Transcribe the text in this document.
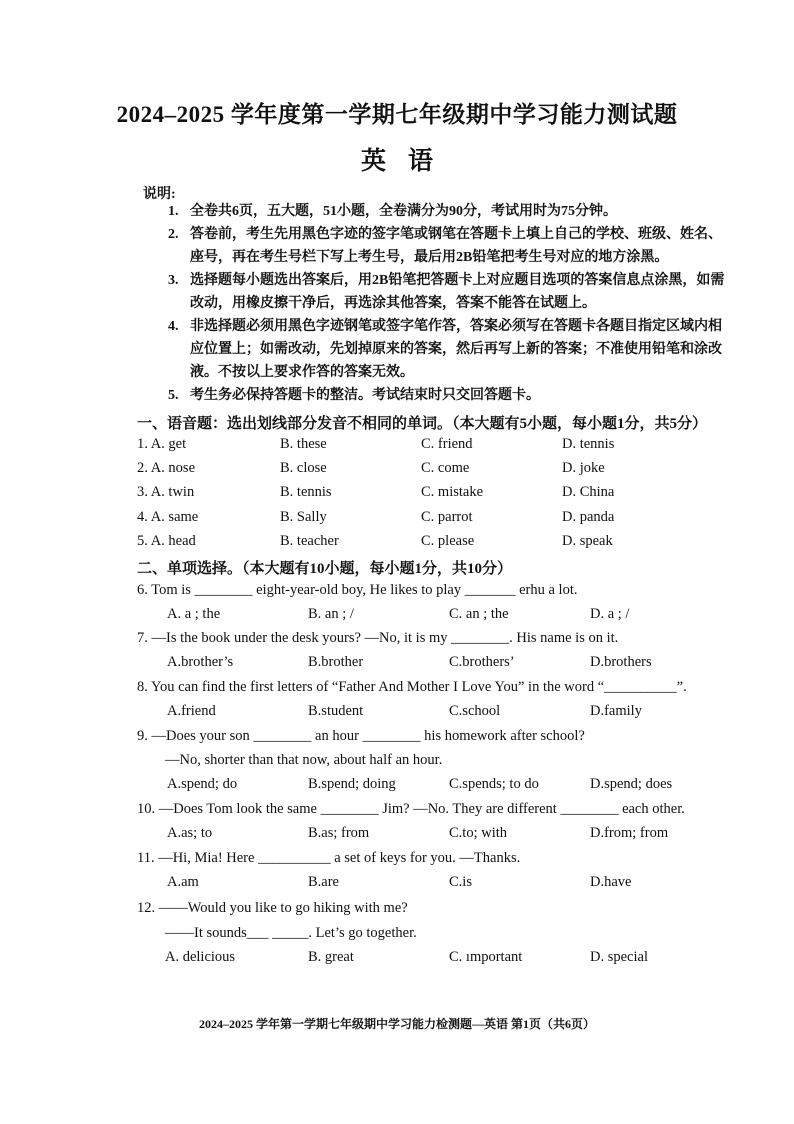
2024–2025 学年度第一学期七年级期中学习能力测试题
英语
说明:
1. 全卷共6页，五大题，51小题，全卷满分为90分，考试用时为75分钟。
2. 答卷前，考生先用黑色字迹的签字笔或钢笔在答题卡上填上自己的学校、班级、姓名、座号，再在考生号栏下写上考生号，最后用2B铅笔把考生号对应的地方涂黑。
3. 选择题每小题选出答案后，用2B铅笔把答题卡上对应题目选项的答案信息点涂黑，如需改动，用橡皮擦干净后，再选涂其他答案，答案不能答在试题上。
4. 非选择题必须用黑色字迹钢笔或签字笔作答，答案必须写在答题卡各题目指定区域内相应位置上；如需改动，先划掉原来的答案，然后再写上新的答案；不准使用铅笔和涂改液。不按以上要求作答的答案无效。
5. 考生务必保持答题卡的整洁。考试结束时只交回答题卡。
一、语音题：选出划线部分发音不相同的单词。（本大题有5小题，每小题1分，共5分）
1. A. get	B. these	C. friend	D. tennis
2. A. nose	B. close	C. come	D. joke
3. A. twin	B. tennis	C. mistake	D. China
4. A. same	B. Sally	C. parrot	D. panda
5. A. head	B. teacher	C. please	D. speak
二、单项选择。（本大题有10小题，每小题1分，共10分）
6. Tom is ________ eight-year-old boy, He likes to play _______ erhu a lot.
A. a ; the	B. an ; /	C. an ; the	D. a ; /
7. —Is the book under the desk yours? —No, it is my ________. His name is on it.
A.brother’s	B.brother	C.brothers’	D.brothers
8. You can find the first letters of “Father And Mother I Love You” in the word “__________”.
A.friend	B.student	C.school	D.family
9. —Does your son ________ an hour ________ his homework after school?
—No, shorter than that now, about half an hour.
A.spend; do	B.spend; doing	C.spends; to do	D.spend; does
10. —Does Tom look the same ________ Jim? —No. They are different ________ each other.
A.as; to	B.as; from	C.to; with	D.from; from
11. —Hi, Mia! Here __________ a set of keys for you. —Thanks.
A.am	B.are	C.is	D.have
12. ——Would you like to go hiking with me?
——It sounds___ _____. Let’s go together.
A. delicious	B. great	C. ımportant	D. special
2024–2025 学年第一学期七年级期中学习能力检测题—英语 第1页（共6页）
